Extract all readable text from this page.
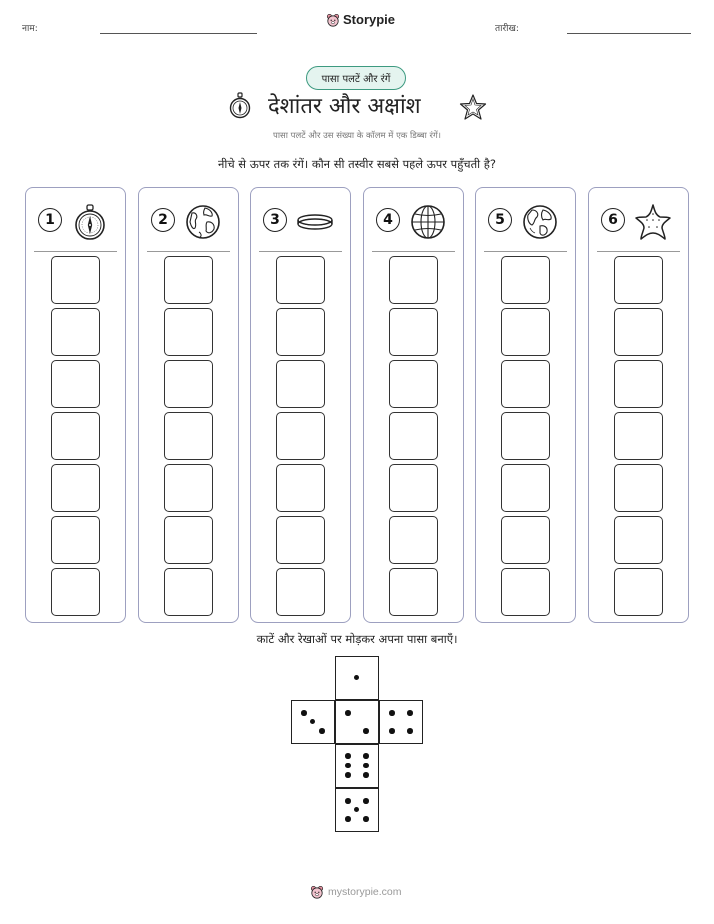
नाम:
Storypie
तारीख:
पासा पलटें और रंगें
देशांतर और अक्षांश
पासा पलटें और उस संख्या के कॉलम में एक डिब्बा रंगें।
नीचे से ऊपर तक रंगें। कौन सी तस्वीर सबसे पहले ऊपर पहुँचती है?
1	2	3	4	5	6
काटें और रेखाओं पर मोड़कर अपना पासा बनाएँ।
mystorypie.com
